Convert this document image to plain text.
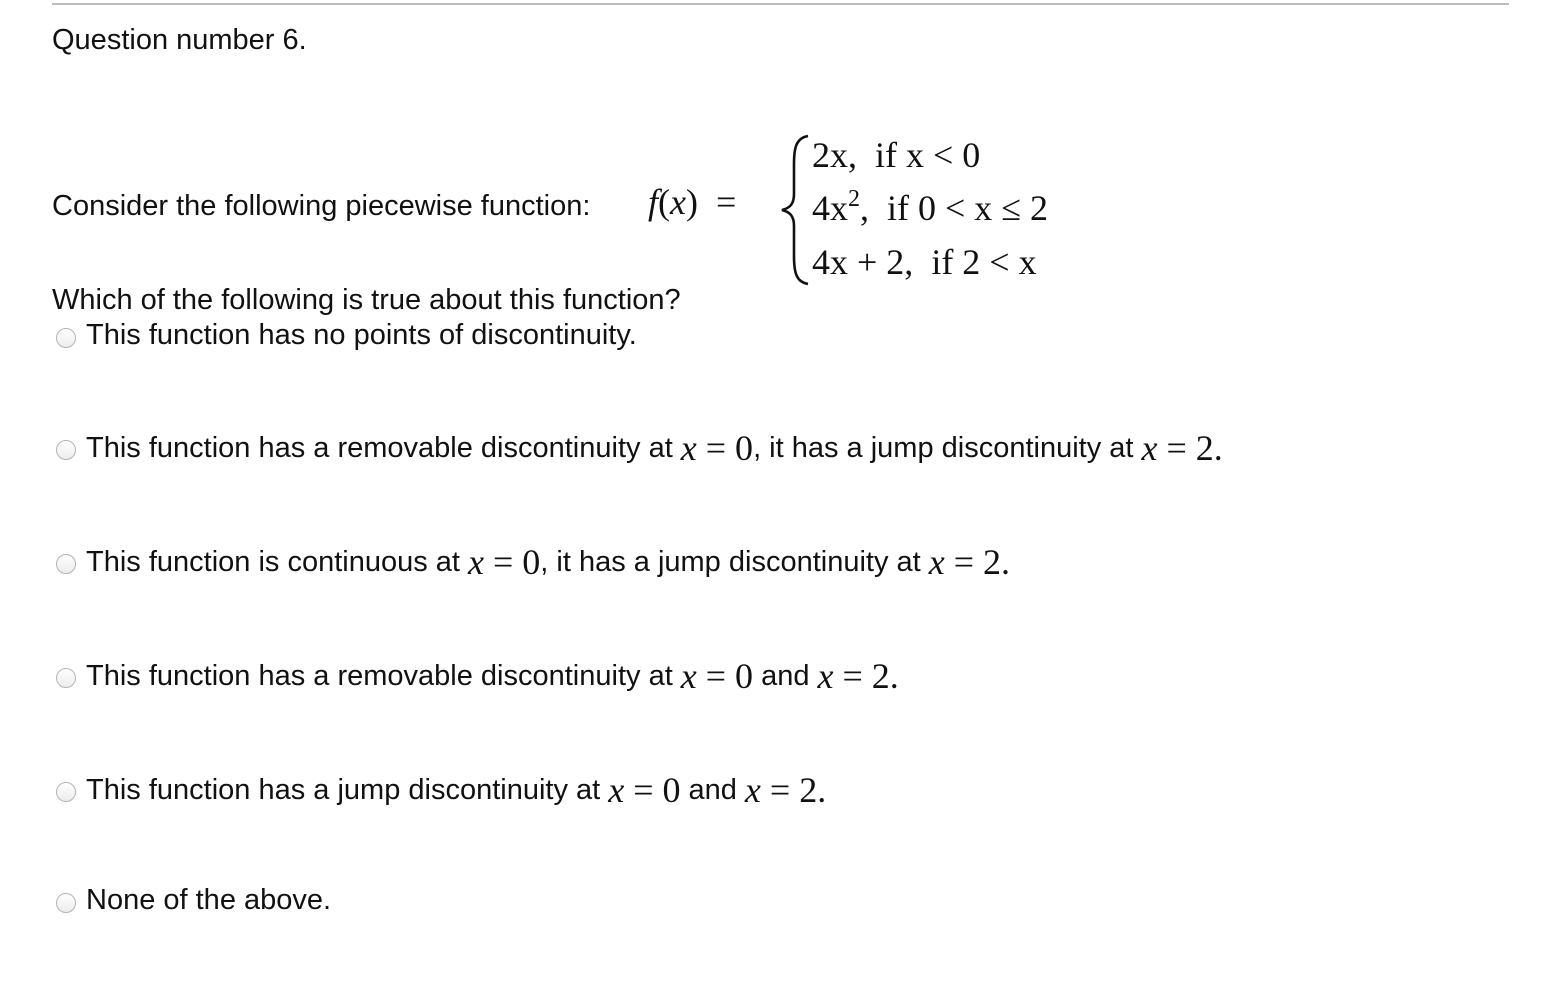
Question number 6.
Consider the following piecewise function: f(x)  =
2x, if x < 0
$4x^2$, if 0 < x ≤ 2
4x + 2, if 2 < x
Which of the following is true about this function?
This function has no points of discontinuity.
This function has a removable discontinuity at x = 0 , it has a jump discontinuity at x = 2.
This function is continuous at x = 0 , it has a jump discontinuity at x = 2.
This function has a removable discontinuity at x = 0 and x = 2.
This function has a jump discontinuity at x = 0 and x = 2.
None of the above.
